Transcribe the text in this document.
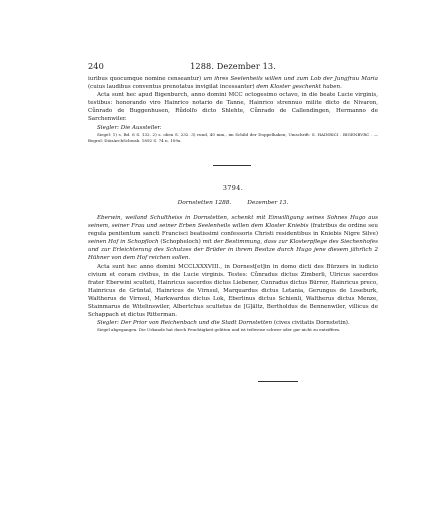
240	1288. Dezember 13.

iuribus quocumque nomine censeantur) um ihres Seelenheils willen und zum Lob der Jungfrau Maria (cuius laudibus conventus prenotatus invigilat incessanter) dem Kloster geschenkt haben.

Acta sunt hec apud Bigenburch, anno domini MCC octogesimo octavo, in die beate Lucie virginis, testibus: honorando viro Hainrico notario de Tanne, Hainrico strennuo milite dicto de Nivaron, Cůnrado de Buggenhusen, Růdolfo dicto Shlehte, Cůnrado de Callendingen, Hermanno de Sarchenwiler.

Siegler: Die Aussteller.

Siegel: 1) s. Bd. 6 S. 132. 2) s. oben S. 232. 3) rund, 40 mm., im Schild der Doppelhaken; Umschrift: S. HAINRICI . BIGENBVRC . — Begrol: DiözArchSchwab. 1892 S. 74 n. 109a.

3794.
Dornstetten 1288.	Dezember 13.

Eberwin, weiland Schultheiss in Dornstetten, schenkt mit Einwilligung seines Sohnes Hugo aus seinem, seiner Frau und seiner Erben Seelenheils willen dem Kloster Kniebis (fratribus de ordine seu regula penitentum sancti Francisci beatissimi confessoris Christi residentibus in Kniebis Nigre Silve) seinen Hof in Schopfloch (Schopheloch) mit der Bestimmung, dass zur Klosterpflege des Siechenhofes und zur Erleichterung des Schutzes der Brüder in ihrem Besitze durch Hugo jene diesem jährlich 2 Hühner von dem Hof reichen sollen.

Acta sunt hec anno domini MCCLXXXVIII., in Dornest[et]in in domo dicti des Bürzers in iudicio civium et coram civibus, in die Lucie virginis. Testes: Cůnradus dictus Zimberli, Ulricus sacerdos frater Eberwini sculteti, Hainricus sacerdos dictus Liebener, Cunradus dictus Bürrer, Hainricus preco, Hainricus de Grüntal, Hainricus de Virnsul, Marquardus dictus Letania, Gerungus de Loseburk, Waltherus de Virnsul, Markwardus dictus Lok, Eberlinus dictus Schienli, Waltherus dictus Menze, Stainmarus de Witelinswiler, Albertchus scultetus de [G]ältz, Bertholdus de Bennenwiler, villicus de Schappach et dictus Ritterman.

Siegler: Der Prior von Reichenbach und die Stadt Dornstetten (cives civitatis Dornstetin).

Siegel abgegangen. Die Urkunde hat durch Feuchtigkeit gelitten und ist teilweise schwer oder gar nicht zu entziffern.
